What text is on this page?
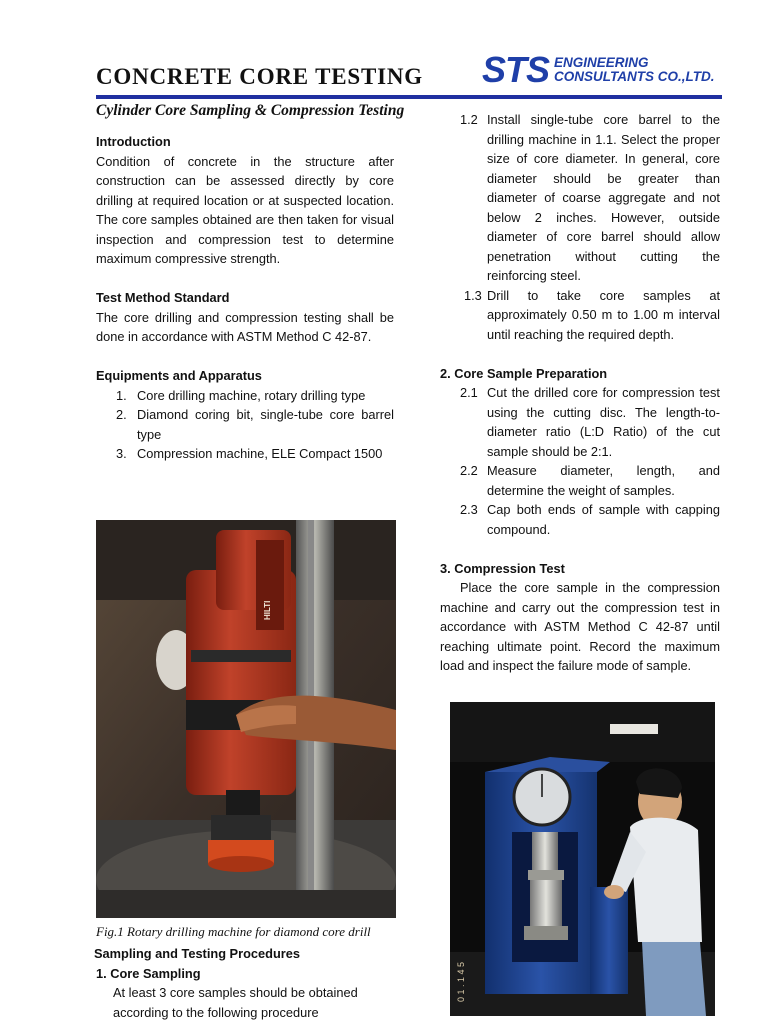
CONCRETE CORE TESTING STS ENGINEERING
CONSULTANTS CO.,LTD.
Cylinder Core Sampling & Compression Testing

Introduction

Condition of concrete in the structure after construction can be assessed directly by core drilling at required location or at suspected location. The core samples obtained are then taken for visual inspection and compression test to determine maximum compressive strength.

Test Method Standard

The core drilling and compression testing shall be done in accordance with ASTM Method C 42-87.

Equipments and Apparatus

1. Core drilling machine, rotary drilling type
2. Diamond coring bit, single-tube core barrel type
3. Compression machine, ELE Compact 1500
HILTI

Fig.1 Rotary drilling machine for diamond core drill

Sampling and Testing Procedures

1. Core Sampling

At least 3 core samples should be obtained according to the following procedure

1.2 Install single-tube core barrel to the drilling machine in 1.1. Select the proper size of core diameter. In general, core diameter should be greater than diameter of coarse aggregate and not below 2 inches. However, outside diameter of core barrel should allow penetration without cutting the reinforcing steel.
1.3 Drill to take core samples at approximately 0.50 m to 1.00 m interval until reaching the required depth.

2. Core Sample Preparation

2.1 Cut the drilled core for compression test using the cutting disc. The length-to-diameter ratio (L:D Ratio) of the cut sample should be 2:1.
2.2 Measure diameter, length, and determine the weight of samples.
2.3 Cap both ends of sample with capping compound.

3. Compression Test

Place the core sample in the compression machine and carry out the compression test in accordance with ASTM Method C 42-87 until reaching ultimate point. Record the maximum load and inspect the failure mode of sample.

0 1 . 1 4 5
